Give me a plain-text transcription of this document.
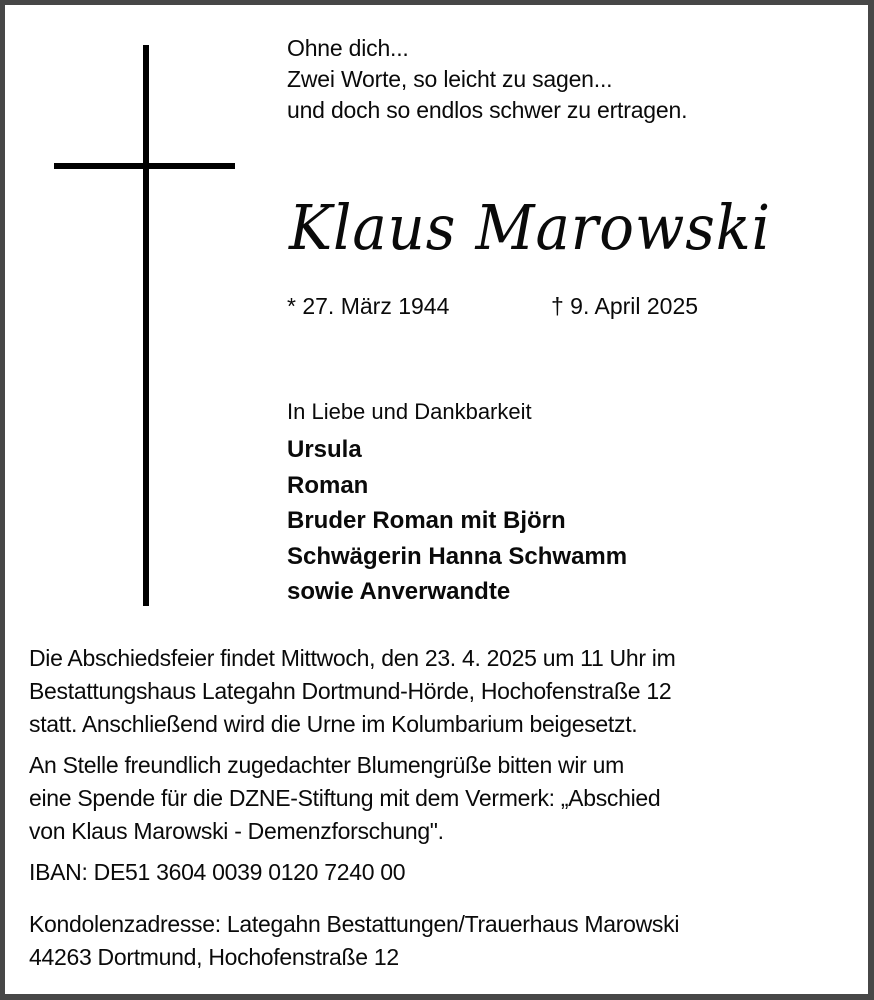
Ohne dich...
Zwei Worte, so leicht zu sagen...
und doch so endlos schwer zu ertragen.
Klaus Marowski
* 27. März 1944	† 9. April 2025
In Liebe und Dankbarkeit
Ursula
Roman
Bruder Roman mit Björn
Schwägerin Hanna Schwamm
sowie Anverwandte
Die Abschiedsfeier findet Mittwoch, den 23. 4. 2025 um 11 Uhr im
Bestattungshaus Lategahn Dortmund-Hörde, Hochofenstraße 12
statt. Anschließend wird die Urne im Kolumbarium beigesetzt.
An Stelle freundlich zugedachter Blumengrüße bitten wir um
eine Spende für die DZNE-Stiftung mit dem Vermerk: „Abschied
von Klaus Marowski - Demenzforschung".
IBAN: DE51 3604 0039 0120 7240 00
Kondolenzadresse: Lategahn Bestattungen/Trauerhaus Marowski
44263 Dortmund, Hochofenstraße 12
